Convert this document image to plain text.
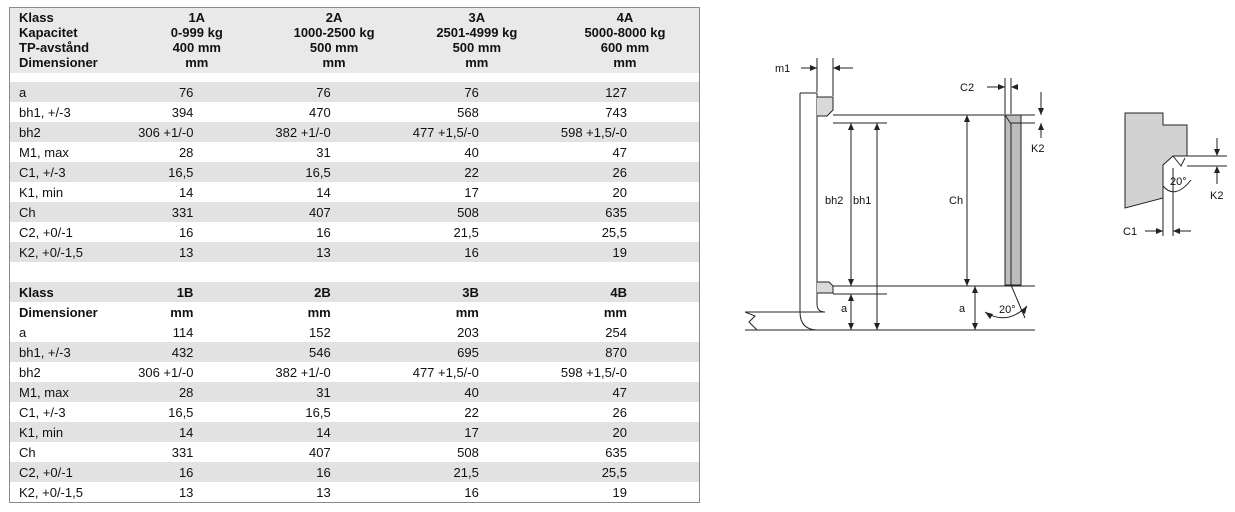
Klass	1A	2A	3A	4A
Kapacitet	0-999 kg	1000-2500 kg	2501-4999 kg	5000-8000 kg
TP-avstånd	400 mm	500 mm	500 mm	600 mm
Dimensioner	mm	mm	mm	mm

a	76	76	76	127
bh1, +/-3	394	470	568	743
bh2	306 +1/-0	382 +1/-0	477 +1,5/-0	598 +1,5/-0
M1, max	28	31	40	47
C1, +/-3	16,5	16,5	22	26
K1, min	14	14	17	20
Ch	331	407	508	635
C2, +0/-1	16	16	21,5	25,5
K2, +0/-1,5	13	13	16	19

Klass	1B	2B	3B	4B
Dimensioner	mm	mm	mm	mm
a	114	152	203	254
bh1, +/-3	432	546	695	870
bh2	306 +1/-0	382 +1/-0	477 +1,5/-0	598 +1,5/-0
M1, max	28	31	40	47
C1, +/-3	16,5	16,5	22	26
K1, min	14	14	17	20
Ch	331	407	508	635
C2, +0/-1	16	16	21,5	25,5
K2, +0/-1,5	13	13	16	19
m1
C2
K2
bh2 bh1	Ch
a	a	20°
20°
K2
C1
